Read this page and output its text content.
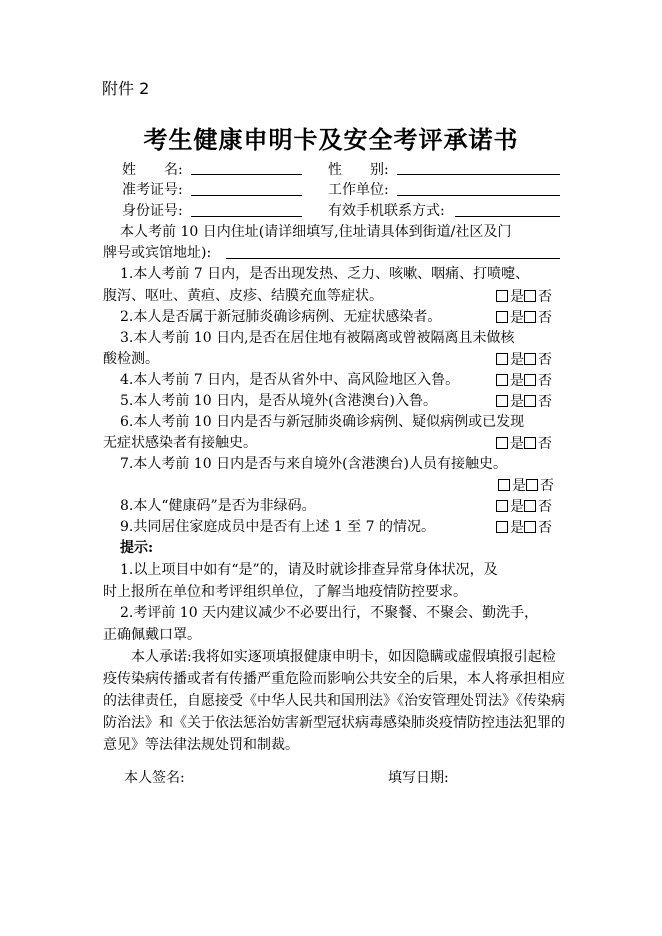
附件 2
考生健康申明卡及安全考评承诺书
姓　　名:	性　　别:
准考证号:	工作单位:
身份证号:	有效手机联系方式:
本人考前 10 日内住址(请详细填写,住址请具体到街道/社区及门
牌号或宾馆地址):
1.本人考前 7 日内，是否出现发热、乏力、咳嗽、咽痛、打喷嚏、
腹泻、呕吐、黄疸、皮疹、结膜充血等症状。	是 否
2.本人是否属于新冠肺炎确诊病例、无症状感染者。	是 否
3.本人考前 10 日内,是否在居住地有被隔离或曾被隔离且未做核
酸检测。	是 否
4.本人考前 7 日内，是否从省外中、高风险地区入鲁。	是 否
5.本人考前 10 日内，是否从境外(含港澳台)入鲁。	是 否
6.本人考前 10 日内是否与新冠肺炎确诊病例、疑似病例或已发现
无症状感染者有接触史。	是 否
7.本人考前 10 日内是否与来自境外(含港澳台)人员有接触史。
是 否
8.本人“健康码”是否为非绿码。	是 否
9.共同居住家庭成员中是否有上述 1 至 7 的情况。	是 否
提示:
1.以上项目中如有“是”的，请及时就诊排查异常身体状况，及
时上报所在单位和考评组织单位，了解当地疫情防控要求。
2.考评前 10 天内建议减少不必要出行，不聚餐、不聚会、勤洗手，
正确佩戴口罩。
本人承诺:我将如实逐项填报健康申明卡，如因隐瞒或虚假填报引起检疫传染病传播或者有传播严重危险而影响公共安全的后果，本人将承担相应的法律责任，自愿接受《中华人民共和国刑法》《治安管理处罚法》《传染病防治法》和《关于依法惩治妨害新型冠状病毒感染肺炎疫情防控违法犯罪的意见》等法律法规处罚和制裁。
本人签名:	填写日期:
